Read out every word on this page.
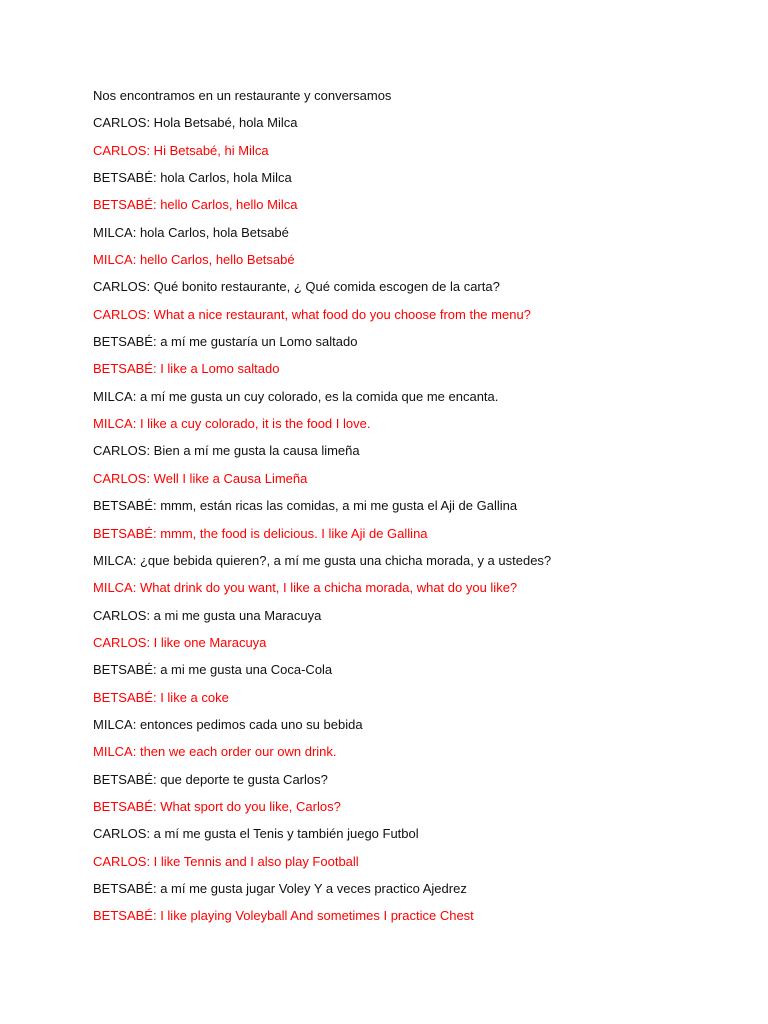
Nos encontramos en un restaurante y conversamos
CARLOS: Hola Betsabé, hola Milca
CARLOS: Hi Betsabé, hi Milca
BETSABÉ: hola Carlos, hola Milca
BETSABÉ: hello Carlos, hello Milca
MILCA: hola Carlos, hola Betsabé
MILCA: hello Carlos, hello Betsabé
CARLOS: Qué bonito restaurante, ¿ Qué comida escogen de la carta?
CARLOS: What a nice restaurant, what food do you choose from the menu?
BETSABÉ: a mí me gustaría un Lomo saltado
BETSABÉ: I like a Lomo saltado
MILCA: a mí me gusta un cuy colorado, es la comida que me encanta.
MILCA: I like a cuy colorado, it is the food I love.
CARLOS: Bien a mí me gusta la causa limeña
CARLOS: Well I like a Causa Limeña
BETSABÉ: mmm, están ricas las comidas, a mi me gusta el Aji de Gallina
BETSABÉ: mmm, the food is delicious. I like Aji de Gallina
MILCA: ¿que bebida quieren?, a mí me gusta una chicha morada, y a ustedes?
MILCA: What drink do you want, I like a chicha morada, what do you like?
CARLOS: a mi me gusta una Maracuya
CARLOS: I like one Maracuya
BETSABÉ: a mi me gusta una Coca-Cola
BETSABÉ: I like a coke
MILCA: entonces pedimos cada uno su bebida
MILCA: then we each order our own drink.
BETSABÉ: que deporte te gusta Carlos?
BETSABÉ: What sport do you like, Carlos?
CARLOS: a mí me gusta el Tenis y también juego Futbol
CARLOS: I like Tennis and I also play Football
BETSABÉ: a mí me gusta jugar Voley Y a veces practico Ajedrez
BETSABÉ: I like playing Voleyball And sometimes I practice Chest
